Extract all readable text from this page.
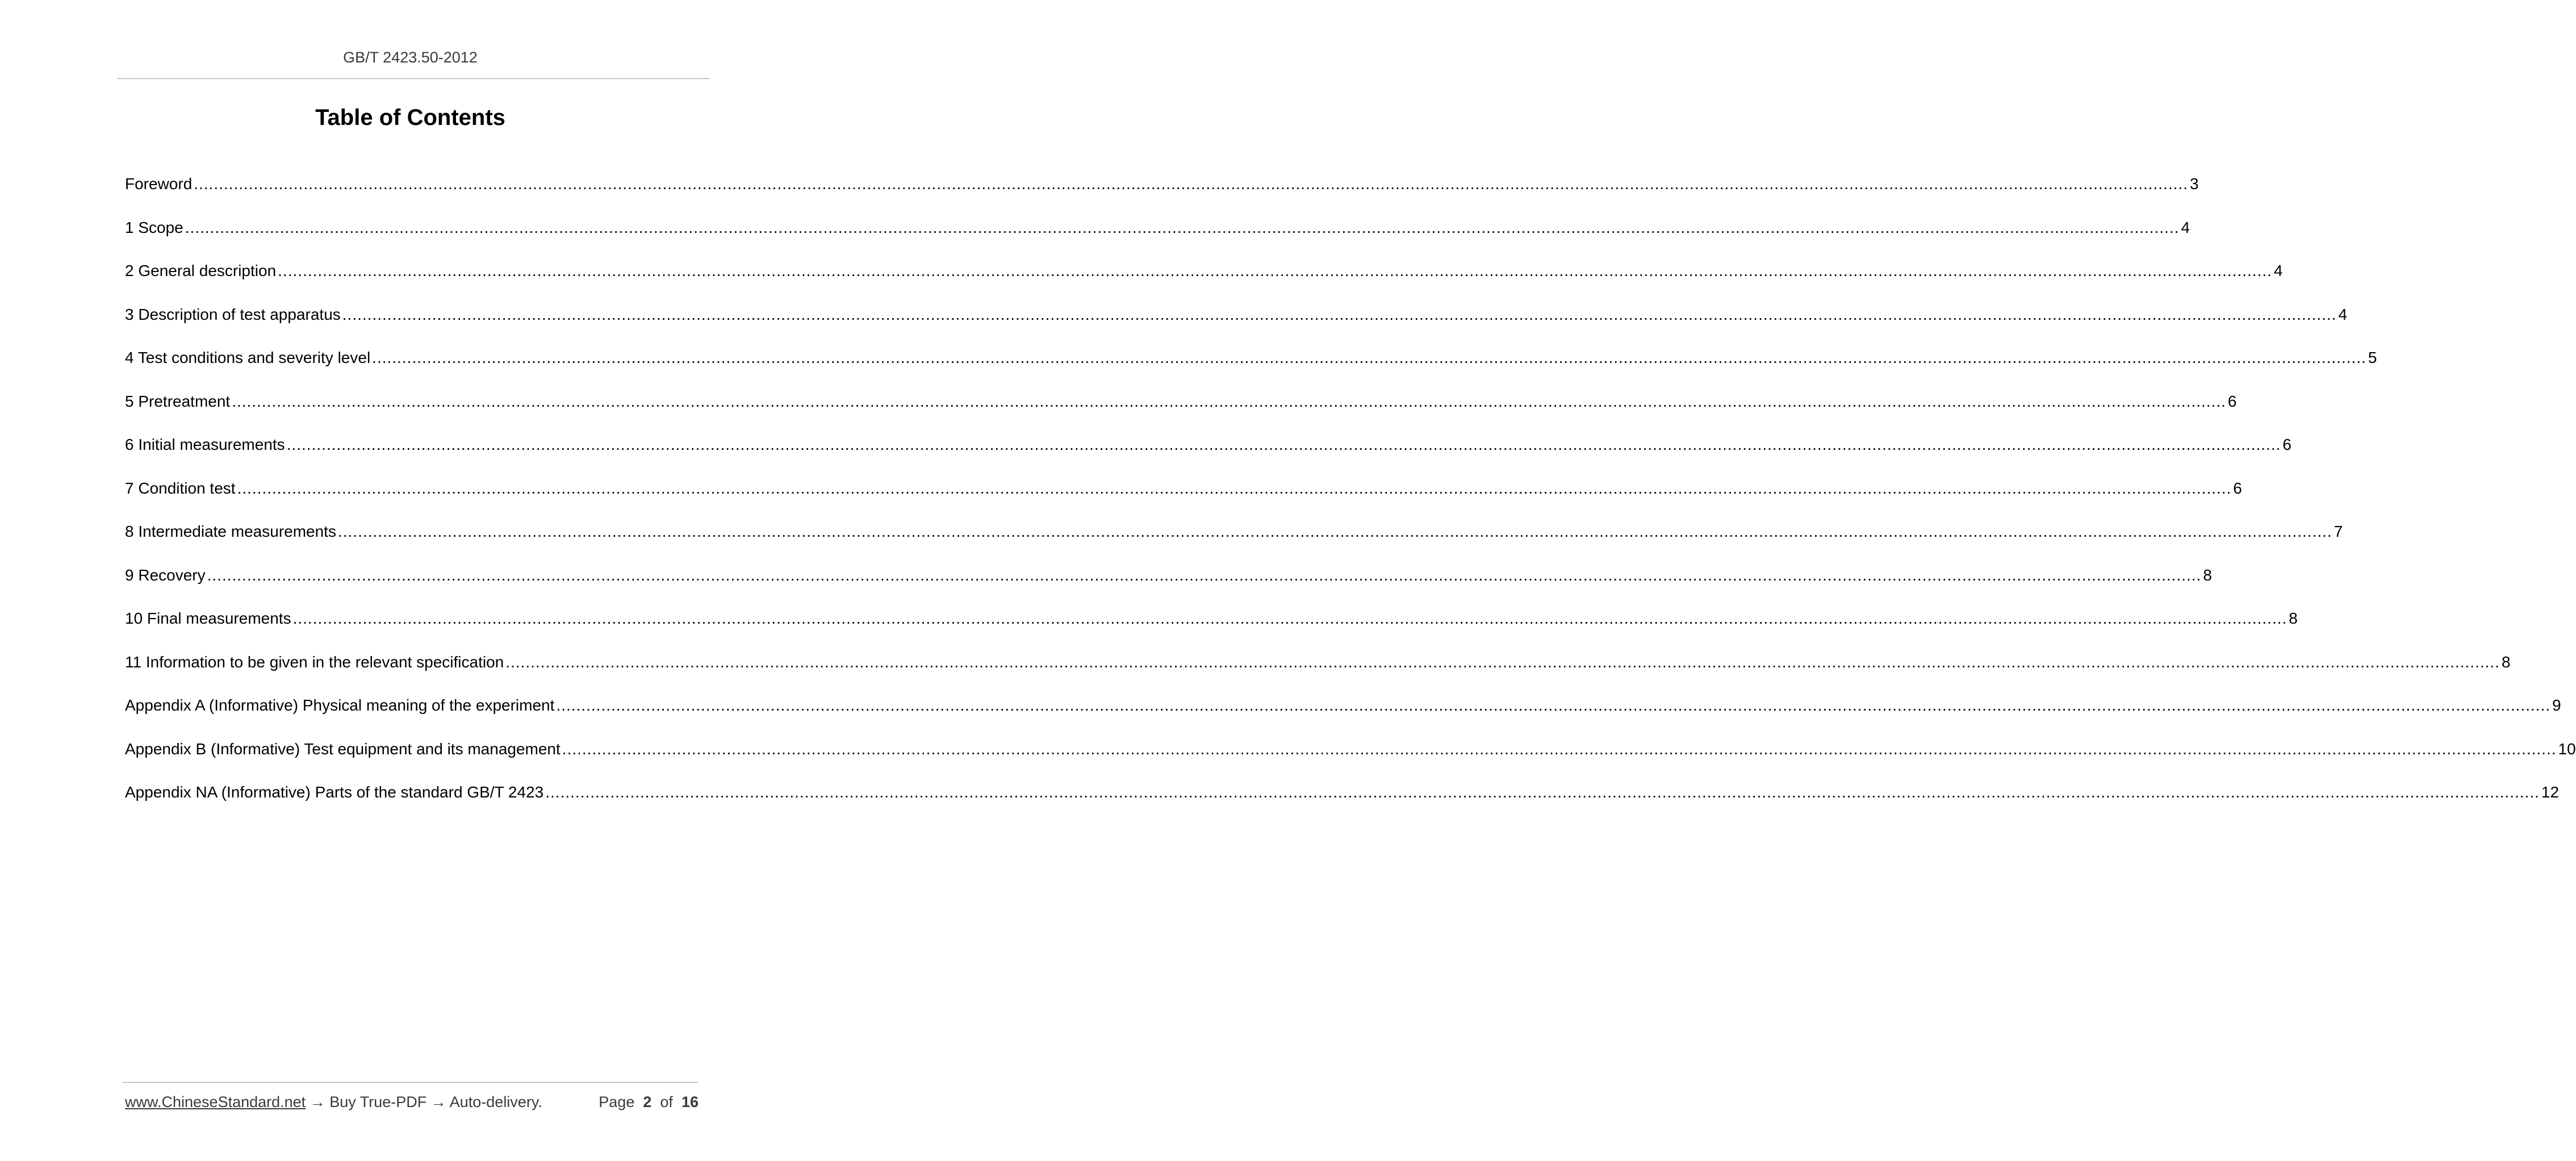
GB/T 2423.50-2012
Table of Contents
Foreword ................................................................................................................................................................................................................................................................................................................................................................................................................ 3
1 Scope ................................................................................................................................................................................................................................................................................................................................................................................................................ 4
2 General description ................................................................................................................................................................................................................................................................................................................................................................................................................ 4
3 Description of test apparatus ................................................................................................................................................................................................................................................................................................................................................................................................................ 4
4 Test conditions and severity level ................................................................................................................................................................................................................................................................................................................................................................................................................ 5
5 Pretreatment ................................................................................................................................................................................................................................................................................................................................................................................................................ 6
6 Initial measurements ................................................................................................................................................................................................................................................................................................................................................................................................................ 6
7 Condition test ................................................................................................................................................................................................................................................................................................................................................................................................................ 6
8 Intermediate measurements ................................................................................................................................................................................................................................................................................................................................................................................................................ 7
9 Recovery ................................................................................................................................................................................................................................................................................................................................................................................................................ 8
10 Final measurements ................................................................................................................................................................................................................................................................................................................................................................................................................ 8
11 Information to be given in the relevant specification ................................................................................................................................................................................................................................................................................................................................................................................................................ 8
Appendix A (Informative) Physical meaning of the experiment ................................................................................................................................................................................................................................................................................................................................................................................................................ 9
Appendix B (Informative) Test equipment and its management ................................................................................................................................................................................................................................................................................................................................................................................................................ 10
Appendix NA (Informative) Parts of the standard GB/T 2423 ................................................................................................................................................................................................................................................................................................................................................................................................................ 12
www.ChineseStandard.net → Buy True-PDF → Auto-delivery.	Page 2 of 16
